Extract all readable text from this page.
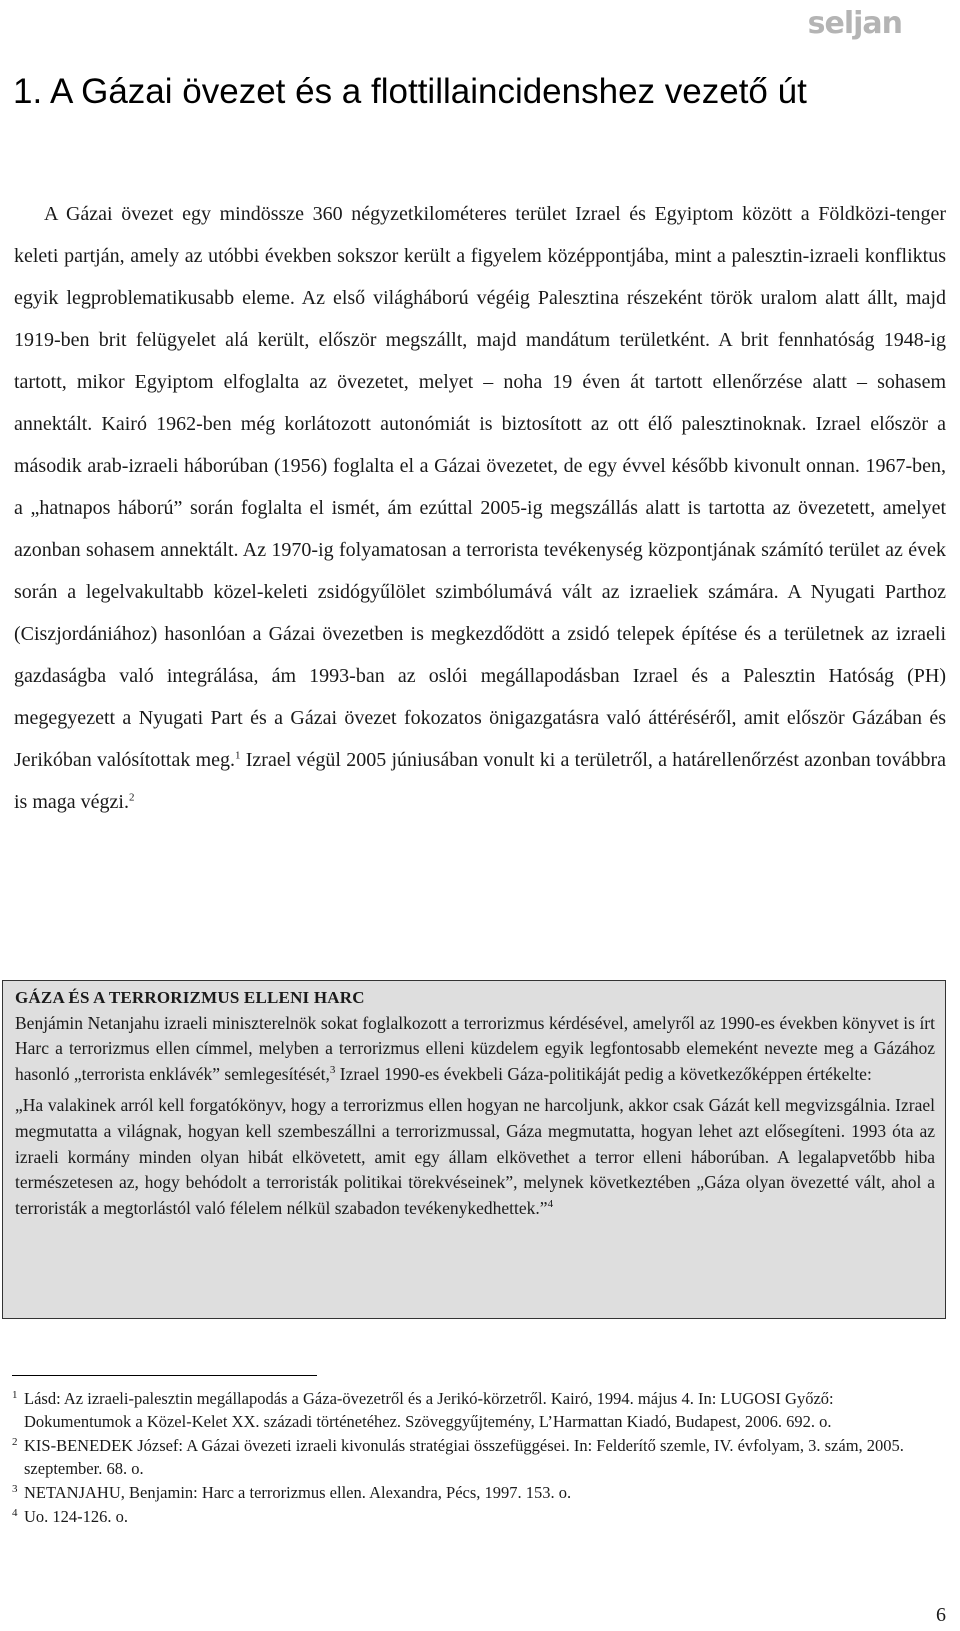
seljan
1. A Gázai övezet és a flottillaincidenshez vezető út

A Gázai övezet egy mindössze 360 négyzetkilométeres terület Izrael és Egyiptom között a Földközi-tenger keleti partján, amely az utóbbi években sokszor került a figyelem középpontjába, mint a palesztin-izraeli konfliktus egyik legproblematikusabb eleme. Az első világháború végéig Palesztina részeként török uralom alatt állt, majd 1919-ben brit felügyelet alá került, először megszállt, majd mandátum területként. A brit fennhatóság 1948-ig tartott, mikor Egyiptom elfoglalta az övezetet, melyet – noha 19 éven át tartott ellenőrzése alatt – sohasem annektált. Kairó 1962-ben még korlátozott autonómiát is biztosított az ott élő palesztinoknak. Izrael először a második arab-izraeli háborúban (1956) foglalta el a Gázai övezetet, de egy évvel később kivonult onnan. 1967-ben, a „hatnapos háború” során foglalta el ismét, ám ezúttal 2005-ig megszállás alatt is tartotta az övezetett, amelyet azonban sohasem annektált. Az 1970-ig folyamatosan a terrorista tevékenység központjának számító terület az évek során a legelvakultabb közel-keleti zsidógyűlölet szimbólumává vált az izraeliek számára. A Nyugati Parthoz (Ciszjordániához) hasonlóan a Gázai övezetben is megkezdődött a zsidó telepek építése és a területnek az izraeli gazdaságba való integrálása, ám 1993-ban az oslói megállapodásban Izrael és a Palesztin Hatóság (PH) megegyezett a Nyugati Part és a Gázai övezet fokozatos önigazgatásra való áttéréséről, amit először Gázában és Jerikóban valósítottak meg.$^1$ Izrael végül 2005 júniusában vonult ki a területről, a határellenőrzést azonban továbbra is maga végzi.$^2$

GÁZA ÉS A TERRORIZMUS ELLENI HARC

Benjámin Netanjahu izraeli miniszterelnök sokat foglalkozott a terrorizmus kérdésével, amelyről az 1990-es években könyvet is írt Harc a terrorizmus ellen címmel, melyben a terrorizmus elleni küzdelem egyik legfontosabb elemeként nevezte meg a Gázához hasonló „terrorista enklávék” semlegesítését,$^3$ Izrael 1990-es évekbeli Gáza-politikáját pedig a következőképpen értékelte:

„Ha valakinek arról kell forgatókönyv, hogy a terrorizmus ellen hogyan ne harcoljunk, akkor csak Gázát kell megvizsgálnia. Izrael megmutatta a világnak, hogyan kell szembeszállni a terrorizmussal, Gáza megmutatta, hogyan lehet azt elősegíteni. 1993 óta az izraeli kormány minden olyan hibát elkövetett, amit egy állam elkövethet a terror elleni háborúban. A legalapvetőbb hiba természetesen az, hogy behódolt a terroristák politikai törekvéseinek”, melynek következtében „Gáza olyan övezetté vált, ahol a terroristák a megtorlástól való félelem nélkül szabadon tevékenykedhettek.”$^4$

1 Lásd: Az izraeli-palesztin megállapodás a Gáza-övezetről és a Jerikó-körzetről. Kairó, 1994. május 4. In: LUGOSI Győző: Dokumentumok a Közel-Kelet XX. századi történetéhez. Szöveggyűjtemény, L’Harmattan Kiadó, Budapest, 2006. 692. o.

2 KIS-BENEDEK József: A Gázai övezeti izraeli kivonulás stratégiai összefüggései. In: Felderítő szemle, IV. évfolyam, 3. szám, 2005. szeptember. 68. o.

3 NETANJAHU, Benjamin: Harc a terrorizmus ellen. Alexandra, Pécs, 1997. 153. o.

4 Uo. 124-126. o.

6
